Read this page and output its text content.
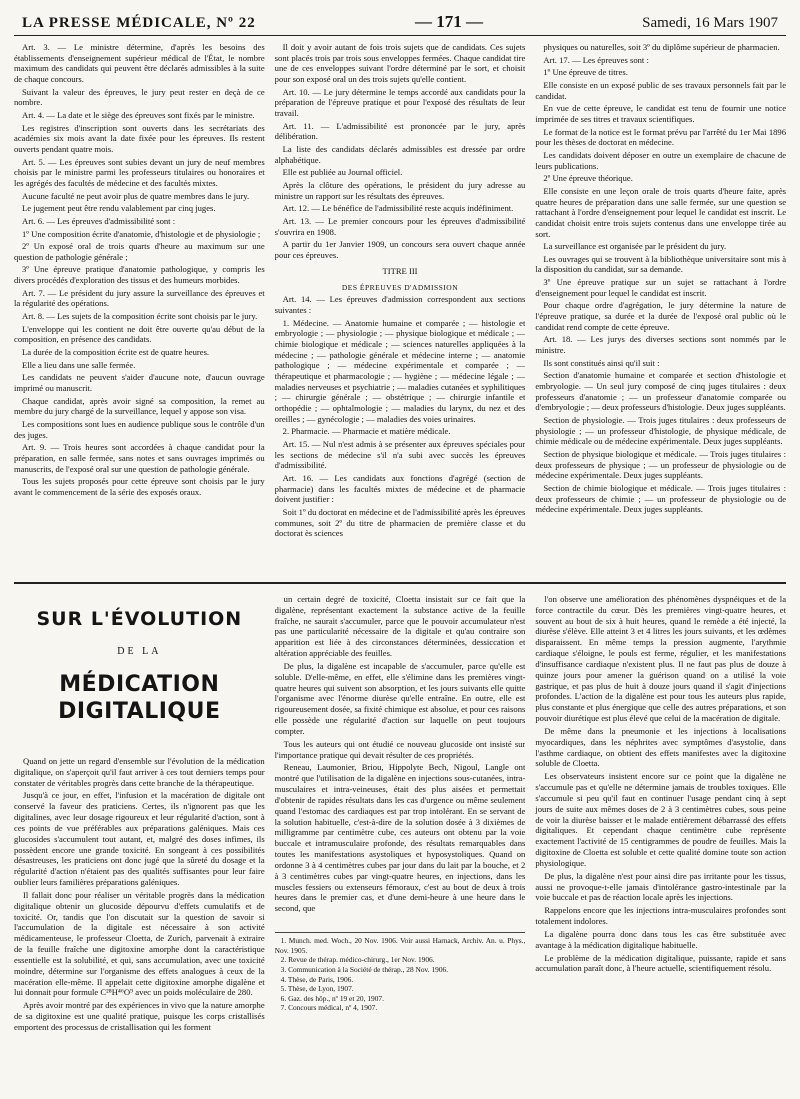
LA PRESSE MÉDICALE, Nº 22	— 171 —	Samedi, 16 Mars 1907

Art. 3. — Le ministre détermine, d'après les besoins des établissements d'enseignement supérieur médical de l'État, le nombre maximum des candidats qui peuvent être déclarés admissibles à la suite de chaque concours.

Suivant la valeur des épreuves, le jury peut rester en deçà de ce nombre.

Art. 4. — La date et le siège des épreuves sont fixés par le ministre.

Les registres d'inscription sont ouverts dans les secrétariats des académies six mois avant la date fixée pour les épreuves. Ils restent ouverts pendant quatre mois.

Art. 5. — Les épreuves sont subies devant un jury de neuf membres choisis par le ministre parmi les professeurs titulaires ou honoraires et les agrégés des facultés de médecine et des facultés mixtes.

Aucune faculté ne peut avoir plus de quatre membres dans le jury.

Le jugement peut être rendu valablement par cinq juges.

Art. 6. — Les épreuves d'admissibilité sont :

1º Une composition écrite d'anatomie, d'histologie et de physiologie ;

2º Un exposé oral de trois quarts d'heure au maximum sur une question de pathologie générale ;

3º Une épreuve pratique d'anatomie pathologique, y compris les divers procédés d'exploration des tissus et des humeurs morbides.

Art. 7. — Le président du jury assure la surveillance des épreuves et la régularité des opérations.

Art. 8. — Les sujets de la composition écrite sont choisis par le jury.

L'enveloppe qui les contient ne doit être ouverte qu'au début de la composition, en présence des candidats.

La durée de la composition écrite est de quatre heures.

Elle a lieu dans une salle fermée.

Les candidats ne peuvent s'aider d'aucune note, d'aucun ouvrage imprimé ou manuscrit.

Chaque candidat, après avoir signé sa composition, la remet au membre du jury chargé de la surveillance, lequel y appose son visa.

Les compositions sont lues en audience publique sous le contrôle d'un des juges.

Art. 9. — Trois heures sont accordées à chaque candidat pour la préparation, en salle fermée, sans notes et sans ouvrages imprimés ou manuscrits, de l'exposé oral sur une question de pathologie générale.

Tous les sujets proposés pour cette épreuve sont choisis par le jury avant le commencement de la série des exposés oraux.

Il doit y avoir autant de fois trois sujets que de candidats. Ces sujets sont placés trois par trois sous enveloppes fermées. Chaque candidat tire une de ces enveloppes suivant l'ordre déterminé par le sort, et choisit pour son exposé oral un des trois sujets qu'elle contient.

Art. 10. — Le jury détermine le temps accordé aux candidats pour la préparation de l'épreuve pratique et pour l'exposé des résultats de leur travail.

Art. 11. — L'admissibilité est prononcée par le jury, après délibération.

La liste des candidats déclarés admissibles est dressée par ordre alphabétique.

Elle est publiée au Journal officiel.

Après la clôture des opérations, le président du jury adresse au ministre un rapport sur les résultats des épreuves.

Art. 12. — Le bénéfice de l'admissibilité reste acquis indéfiniment.

Art. 13. — Le premier concours pour les épreuves d'admissibilité s'ouvrira en 1908.

A partir du 1er Janvier 1909, un concours sera ouvert chaque année pour ces épreuves.

TITRE III

DES ÉPREUVES D'ADMISSION

Art. 14. — Les épreuves d'admission correspondent aux sections suivantes :

1. Médecine. — Anatomie humaine et comparée ; — histologie et embryologie ; — physiologie ; — physique biologique et médicale ; — chimie biologique et médicale ; — sciences naturelles appliquées à la médecine ; — pathologie générale et médecine interne ; — anatomie pathologique ; — médecine expérimentale et comparée ; — thérapeutique et pharmacologie ; — hygiène ; — médecine légale ; — maladies nerveuses et psychiatrie ; — maladies cutanées et syphilitiques ; — chirurgie générale ; — obstétrique ; — chirurgie infantile et orthopédie ; — ophtalmologie ; — maladies du larynx, du nez et des oreilles ; — gynécologie ; — maladies des voies urinaires.

2. Pharmacie. — Pharmacie et matière médicale.

Art. 15. — Nul n'est admis à se présenter aux épreuves spéciales pour les sections de médecine s'il n'a subi avec succès les épreuves d'admissibilité.

Art. 16. — Les candidats aux fonctions d'agrégé (section de pharmacie) dans les facultés mixtes de médecine et de pharmacie doivent justifier :

Soit 1º du doctorat en médecine et de l'admissibilité après les épreuves communes, soit 2º du titre de pharmacien de première classe et du doctorat ès sciences

physiques ou naturelles, soit 3º du diplôme supérieur de pharmacien.

Art. 17. — Les épreuves sont :

1º Une épreuve de titres.

Elle consiste en un exposé public de ses travaux personnels fait par le candidat.

En vue de cette épreuve, le candidat est tenu de fournir une notice imprimée de ses titres et travaux scientifiques.

Le format de la notice est le format prévu par l'arrêté du 1er Mai 1896 pour les thèses de doctorat en médecine.

Les candidats doivent déposer en outre un exemplaire de chacune de leurs publications.

2º Une épreuve théorique.

Elle consiste en une leçon orale de trois quarts d'heure faite, après quatre heures de préparation dans une salle fermée, sur une question se rattachant à l'ordre d'enseignement pour lequel le candidat est inscrit. Le candidat choisit entre trois sujets contenus dans une enveloppe tirée au sort.

La surveillance est organisée par le président du jury.

Les ouvrages qui se trouvent à la bibliothèque universitaire sont mis à la disposition du candidat, sur sa demande.

3º Une épreuve pratique sur un sujet se rattachant à l'ordre d'enseignement pour lequel le candidat est inscrit.

Pour chaque ordre d'agrégation, le jury détermine la nature de l'épreuve pratique, sa durée et la durée de l'exposé oral public où le candidat rend compte de cette épreuve.

Art. 18. — Les jurys des diverses sections sont nommés par le ministre.

Ils sont constitués ainsi qu'il suit :

Section d'anatomie humaine et comparée et section d'histologie et embryologie. — Un seul jury composé de cinq juges titulaires : deux professeurs d'anatomie ; — un professeur d'anatomie comparée ou d'embryologie ; — deux professeurs d'histologie. Deux juges suppléants.

Section de physiologie. — Trois juges titulaires : deux professeurs de physiologie ; — un professeur d'histologie, de physique médicale, de chimie médicale ou de médecine expérimentale. Deux juges suppléants.

Section de physique biologique et médicale. — Trois juges titulaires : deux professeurs de physique ; — un professeur de physiologie ou de médecine expérimentale. Deux juges suppléants.

Section de chimie biologique et médicale. — Trois juges titulaires : deux professeurs de chimie ; — un professeur de physiologie ou de médecine expérimentale. Deux juges suppléants.

SUR L'ÉVOLUTION
DE LA
MÉDICATION DIGITALIQUE

Quand on jette un regard d'ensemble sur l'évolution de la médication digitalique, on s'aperçoit qu'il faut arriver à ces tout derniers temps pour constater de véritables progrès dans cette branche de la thérapeutique.

Jusqu'à ce jour, en effet, l'infusion et la macération de digitale ont conservé la faveur des praticiens. Certes, ils n'ignorent pas que les digitalines, avec leur dosage rigoureux et leur régularité d'action, sont à ces points de vue préférables aux préparations galéniques. Mais ces glucosides s'accumulent tout autant, et, malgré des doses infimes, ils possèdent encore une grande toxicité. En songeant à ces possibilités désastreuses, les praticiens ont donc jugé que la sûreté du dosage et la régularité d'action n'étaient pas des qualités suffisantes pour leur faire oublier leurs familières préparations galéniques.

Il fallait donc pour réaliser un véritable progrès dans la médication digitalique obtenir un glucoside dépourvu d'effets cumulatifs et de toxicité. Or, tandis que l'on discutait sur la question de savoir si l'accumulation de la digitale est nécessaire à son activité médicamenteuse, le professeur Cloetta, de Zurich, parvenait à extraire de la feuille fraîche une digitoxine amorphe dont la caractéristique essentielle est la solubilité, et qui, sans accumulation, avec une toxicité moindre, détermine sur l'organisme des effets analogues à ceux de la macération elle-même. Il appelait cette digitoxine amorphe digalène et lui donnait pour formule C²⁸H⁴⁶O⁹ avec un poids moléculaire de 280.

Après avoir montré par des expériences in vivo que la nature amorphe de sa digitoxine est une qualité pratique, puisque les corps cristallisés emportent des processus de cristallisation qui les forment

un certain degré de toxicité, Cloetta insistait sur ce fait que la digalène, représentant exactement la substance active de la feuille fraîche, ne saurait s'accumuler, parce que le pouvoir accumulateur n'est pas une particularité nécessaire de la digitale et qu'au contraire son apparition est liée à des circonstances déterminées, dessiccation et altération appréciable des feuilles.

De plus, la digalène est incapable de s'accumuler, parce qu'elle est soluble. D'elle-même, en effet, elle s'élimine dans les premières vingt-quatre heures qui suivent son absorption, et les jours suivants elle quitte l'organisme avec l'énorme diurèse qu'elle entraîne. En outre, elle est rigoureusement dosée, sa fixité chimique est absolue, et pour ces raisons elle possède une régularité d'action sur laquelle on peut toujours compter.

Tous les auteurs qui ont étudié ce nouveau glucoside ont insisté sur l'importance pratique qui devait résulter de ces propriétés.

Reneau, Laumonier, Briou, Hippolyte Bech, Nigoul, Langle ont montré que l'utilisation de la digalène en injections sous-cutanées, intra-musculaires et intra-veineuses, était des plus aisées et permettait d'obtenir de rapides résultats dans les cas d'urgence ou même seulement quand l'estomac des cardiaques est par trop intolérant. En se servant de la solution habituelle, c'est-à-dire de la solution dosée à 3 dixièmes de milligramme par centimètre cube, ces auteurs ont obtenu par la voie buccale et intramusculaire profonde, des résultats remarquables dans toutes les manifestations asystoliques et hyposystoliques. Quand on ordonne 3 à 4 centimètres cubes par jour dans du lait par la bouche, et 2 à 3 centimètres cubes par vingt-quatre heures, en injections, dans les muscles fessiers ou extenseurs fémoraux, c'est au bout de deux à trois heures dans le premier cas, et d'une demi-heure à une heure dans le second, que

1. Munch. med. Woch., 20 Nov. 1906. Voir aussi Harnack, Archiv. An. u. Phys., Nov. 1905.
2. Revue de thérap. médico-chirurg., 1er Nov. 1906.
3. Communication à la Société de thérap., 28 Nov. 1906.
4. Thèse, de Paris, 1906.
5. Thèse, de Lyon, 1907.
6. Gaz. des hôp., nº 19 et 20, 1907.
7. Concours médical, nº 4, 1907.

l'on observe une amélioration des phénomènes dyspnéiques et de la force contractile du cœur. Dès les premières vingt-quatre heures, et souvent au bout de six à huit heures, quand le remède a été injecté, la diurèse s'élève. Elle atteint 3 et 4 litres les jours suivants, et les œdèmes disparaissent. En même temps la pression augmente, l'arythmie cardiaque s'éloigne, le pouls est ferme, régulier, et les manifestations d'insuffisance cardiaque n'existent plus. Il ne faut pas plus de douze à quinze jours pour amener la guérison quand on a utilisé la voie gastrique, et pas plus de huit à douze jours quand il s'agit d'injections profondes. L'action de la digalène est pour tous les auteurs plus rapide, plus constante et plus énergique que celle des autres préparations, et son pouvoir diurétique est plus élevé que celui de la macération de digitale.

De même dans la pneumonie et les injections à localisations myocardiques, dans les néphrites avec symptômes d'asystolie, dans l'asthme cardiaque, on obtient des effets manifestes avec la digitoxine soluble de Cloetta.

Les observateurs insistent encore sur ce point que la digalène ne s'accumule pas et qu'elle ne détermine jamais de troubles toxiques. Elle s'accumule si peu qu'il faut en continuer l'usage pendant cinq à sept jours de suite aux mêmes doses de 2 à 3 centimètres cubes, sous peine de voir la diurèse baisser et le malade entièrement débarrassé des effets digitaliques. Et cependant chaque centimètre cube représente exactement l'activité de 15 centigrammes de poudre de feuilles. Mais la digitoxine de Cloetta est soluble et cette qualité domine toute son action physiologique.

De plus, la digalène n'est pour ainsi dire pas irritante pour les tissus, aussi ne provoque-t-elle jamais d'intolérance gastro-intestinale par la voie buccale et pas de réaction locale après les injections.

Rappelons encore que les injections intra-musculaires profondes sont totalement indolores.

La digalène pourra donc dans tous les cas être substituée avec avantage à la médication digitalique habituelle.

Le problème de la médication digitalique, puissante, rapide et sans accumulation paraît donc, à l'heure actuelle, scientifiquement résolu.
